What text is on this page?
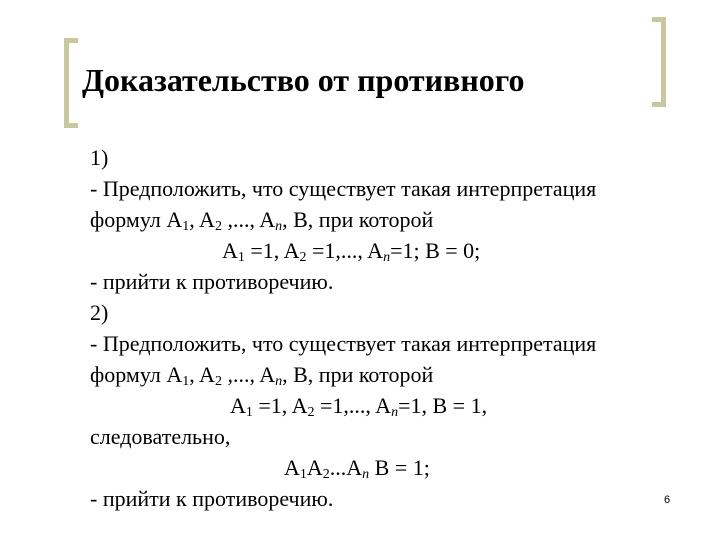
Доказательство от противного
1)
- Предположить, что существует такая интерпретация
формул $A_1$, $A_2$ ,..., $A_n$, B, при которой
$A_1 =1$, $A_2 =1$,..., $A_n=1$; B = 0;
- прийти к противоречию.
2)
- Предположить, что существует такая интерпретация
формул $A_1$, $A_2$ ,..., $A_n$, B, при которой
$A_1 =1$, $A_2 =1$,..., $A_n=1$, B = 1,
следовательно,
$A_1A_2...A_n$ B = 1;
- прийти к противоречию.	6
